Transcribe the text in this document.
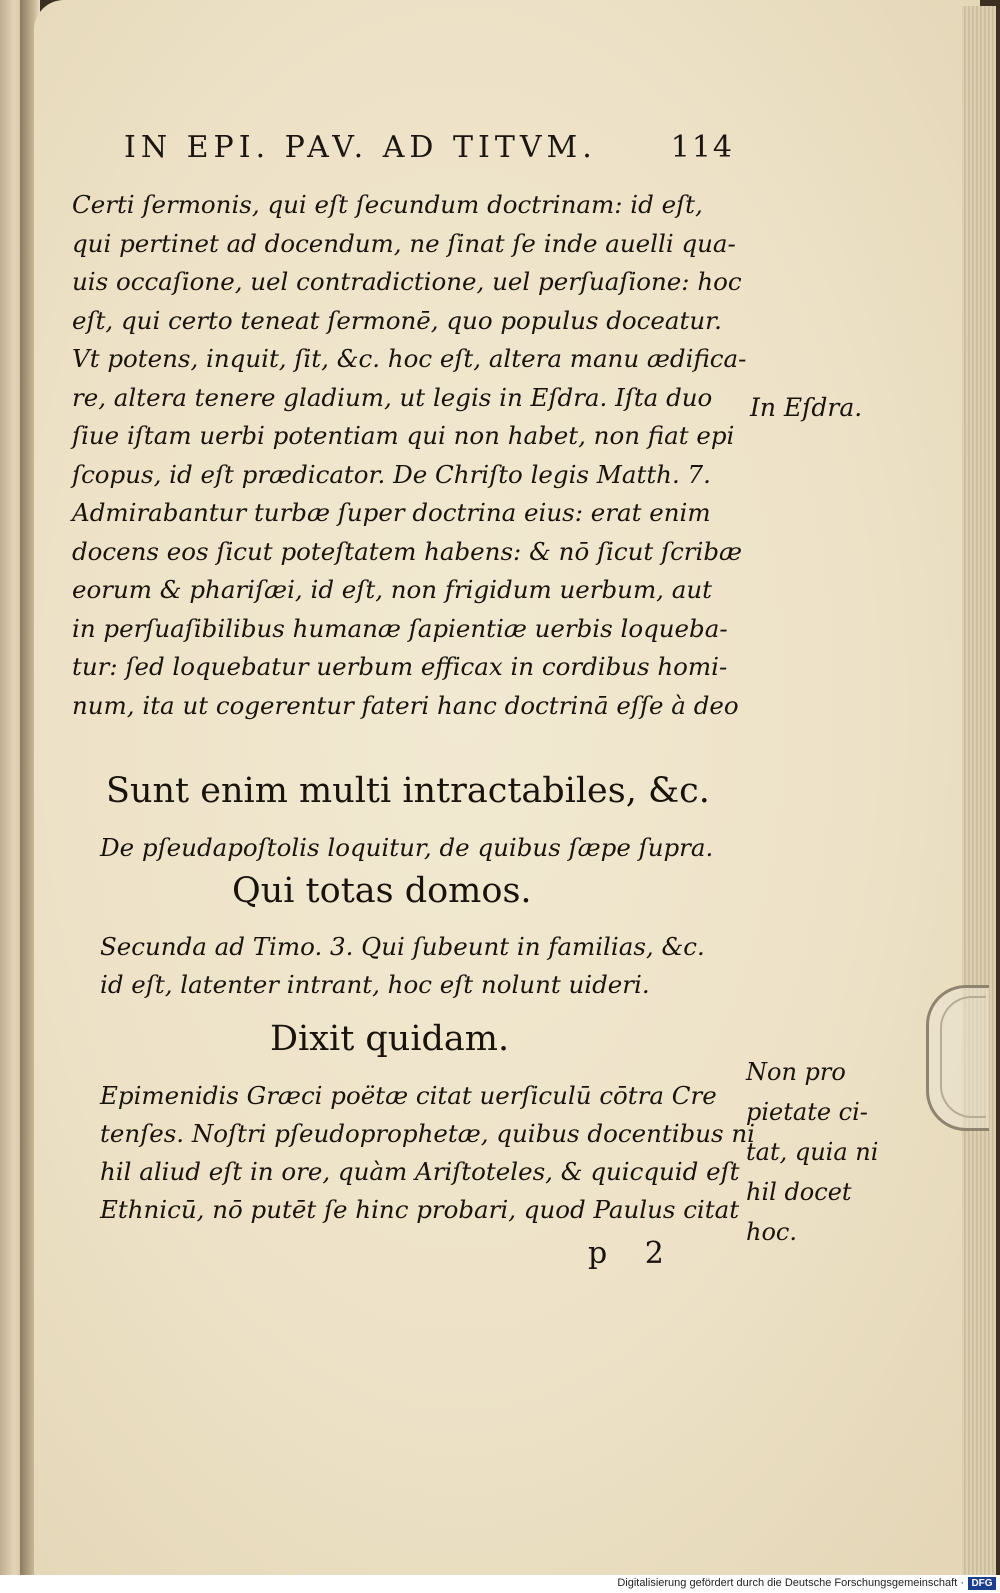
IN EPI. PAV. AD TITVM. 114
Certi ſermonis, qui eſt ſecundum doctrinam: id eſt,
qui pertinet ad docendum, ne ſinat ſe inde auelli qua-
uis occaſione, uel contradictione, uel perſuaſione: hoc
eſt, qui certo teneat ſermonē, quo populus doceatur.
Vt potens, inquit, ſit, &c. hoc eſt, altera manu ædifica-
re, altera tenere gladium, ut legis in Eſdra. Iſta duo
ſiue iſtam uerbi potentiam qui non habet, non fiat epi
ſcopus, id eſt prædicator. De Chriſto legis Matth. 7.
Admirabantur turbæ ſuper doctrina eius: erat enim
docens eos ſicut poteſtatem habens: & nō ſicut ſcribæ
eorum & phariſæi, id eſt, non frigidum uerbum, aut
in perſuaſibilibus humanæ ſapientiæ uerbis loqueba-
tur: ſed loquebatur uerbum efficax in cordibus homi-
num, ita ut cogerentur fateri hanc doctrinā eſſe à deo
In Eſdra.
Sunt enim multi intractabiles, &c.
De pſeudapoſtolis loquitur, de quibus ſæpe ſupra.
Qui totas domos.
Secunda ad Timo. 3. Qui ſubeunt in familias, &c.
id eſt, latenter intrant, hoc eſt nolunt uideri.
Dixit quidam.
Epimenidis Græci poëtæ citat uerſiculū cōtra Cre
tenſes. Noſtri pſeudoprophetæ, quibus docentibus ni
hil aliud eſt in ore, quàm Ariſtoteles, & quicquid eſt
Ethnicū, nō putēt ſe hinc probari, quod Paulus citat
Non pro
pietate ci-
tat, quia ni
hil docet
hoc.
p 2
Digitalisierung gefördert durch die Deutsche Forschungsgemeinschaft · DFG
